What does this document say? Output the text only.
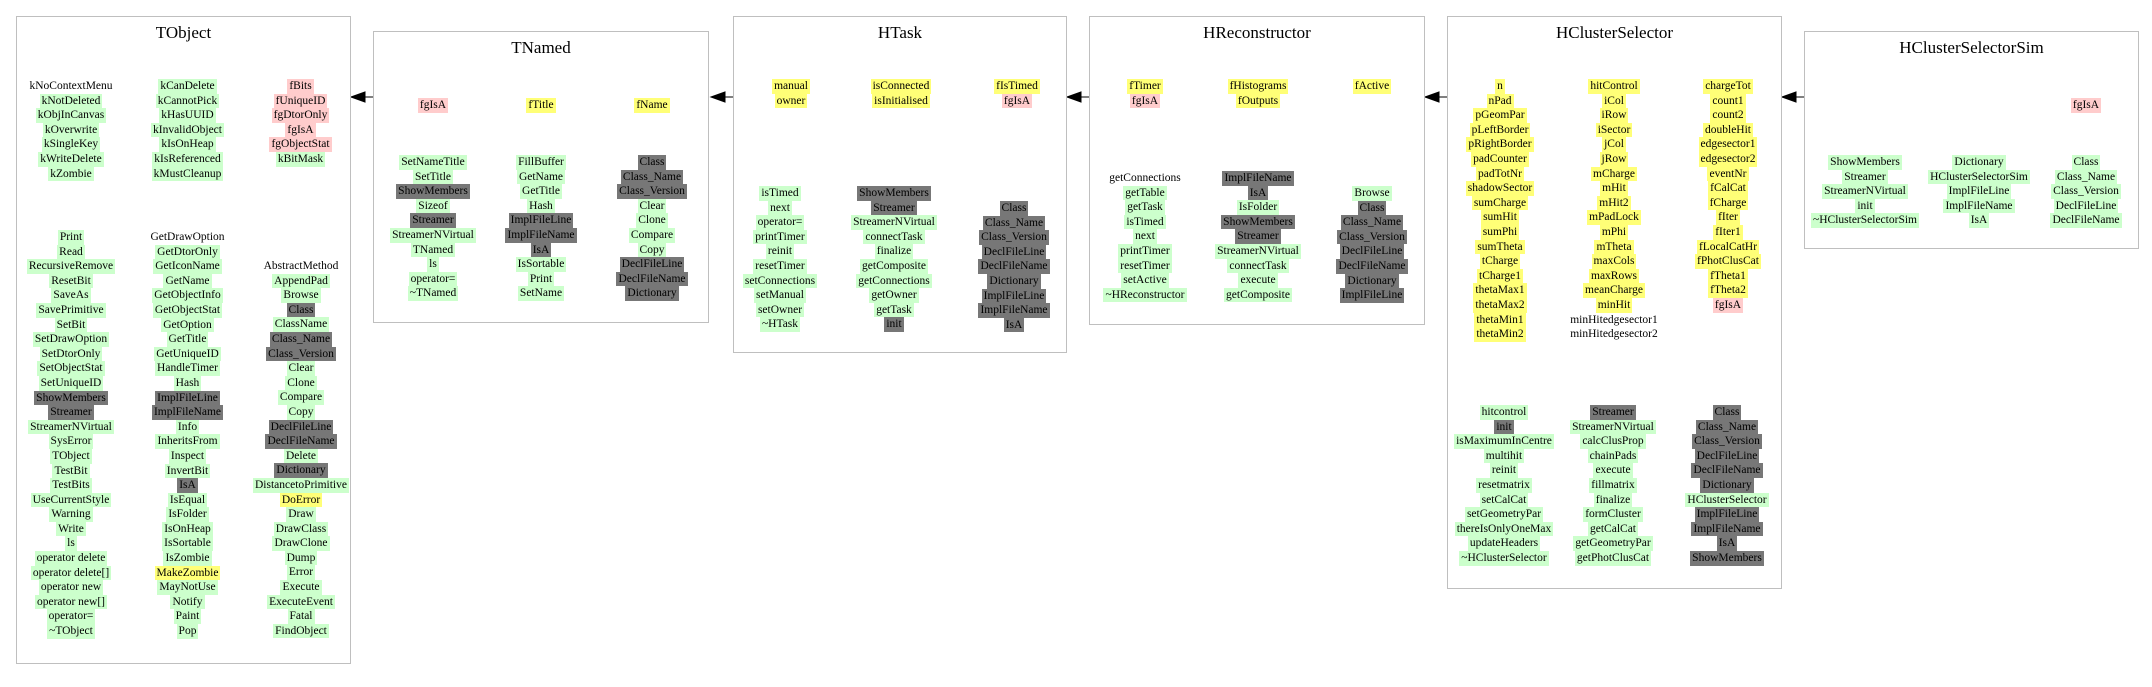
TObject
kNoContextMenu
kNotDeleted
kObjInCanvas
kOverwrite
kSingleKey
kWriteDelete
kZombie
kCanDelete
kCannotPick
kHasUUID
kInvalidObject
kIsOnHeap
kIsReferenced
kMustCleanup
fBits
fUniqueID
fgDtorOnly
fgIsA
fgObjectStat
kBitMask
Print
Read
RecursiveRemove
ResetBit
SaveAs
SavePrimitive
SetBit
SetDrawOption
SetDtorOnly
SetObjectStat
SetUniqueID
ShowMembers
Streamer
StreamerNVirtual
SysError
TObject
TestBit
TestBits
UseCurrentStyle
Warning
Write
ls
operator delete
operator delete[]
operator new
operator new[]
operator=
~TObject
GetDrawOption
GetDtorOnly
GetIconName
GetName
GetObjectInfo
GetObjectStat
GetOption
GetTitle
GetUniqueID
HandleTimer
Hash
ImplFileLine
ImplFileName
Info
InheritsFrom
Inspect
InvertBit
IsA
IsEqual
IsFolder
IsOnHeap
IsSortable
IsZombie
MakeZombie
MayNotUse
Notify
Paint
Pop
AbstractMethod
AppendPad
Browse
Class
ClassName
Class_Name
Class_Version
Clear
Clone
Compare
Copy
DeclFileLine
DeclFileName
Delete
Dictionary
DistancetoPrimitive
DoError
Draw
DrawClass
DrawClone
Dump
Error
Execute
ExecuteEvent
Fatal
FindObject
TNamed
fgIsA	fTitle	fName
SetNameTitle
SetTitle
ShowMembers
Sizeof
Streamer
StreamerNVirtual
TNamed
ls
operator=
~TNamed
FillBuffer
GetName
GetTitle
Hash
ImplFileLine
ImplFileName
IsA
IsSortable
Print
SetName
Class
Class_Name
Class_Version
Clear
Clone
Compare
Copy
DeclFileLine
DeclFileName
Dictionary
HTask
manual
owner
isConnected
isInitialised
fIsTimed
fgIsA
isTimed
next
operator=
printTimer
reinit
resetTimer
setConnections
setManual
setOwner
~HTask
ShowMembers
Streamer
StreamerNVirtual
connectTask
finalize
getComposite
getConnections
getOwner
getTask
init
Class
Class_Name
Class_Version
DeclFileLine
DeclFileName
Dictionary
ImplFileLine
ImplFileName
IsA
HReconstructor
fTimer
fgIsA
fHistograms
fOutputs
fActive
getConnections
getTable
getTask
isTimed
next
printTimer
resetTimer
setActive
~HReconstructor
ImplFileName
IsA
IsFolder
ShowMembers
Streamer
StreamerNVirtual
connectTask
execute
getComposite
Browse
Class
Class_Name
Class_Version
DeclFileLine
DeclFileName
Dictionary
ImplFileLine
HClusterSelector
n
nPad
pGeomPar
pLeftBorder
pRightBorder
padCounter
padTotNr
shadowSector
sumCharge
sumHit
sumPhi
sumTheta
tCharge
tCharge1
thetaMax1
thetaMax2
thetaMin1
thetaMin2
hitControl
iCol
iRow
iSector
jCol
jRow
mCharge
mHit
mHit2
mPadLock
mPhi
mTheta
maxCols
maxRows
meanCharge
minHit
minHitedgesector1
minHitedgesector2
chargeTot
count1
count2
doubleHit
edgesector1
edgesector2
eventNr
fCalCat
fCharge
fIter
fIter1
fLocalCatHr
fPhotClusCat
fTheta1
fTheta2
fgIsA
hitcontrol
init
isMaximumInCentre
multihit
reinit
resetmatrix
setCalCat
setGeometryPar
thereIsOnlyOneMax
updateHeaders
~HClusterSelector
Streamer
StreamerNVirtual
calcClusProp
chainPads
execute
fillmatrix
finalize
formCluster
getCalCat
getGeometryPar
getPhotClusCat
Class
Class_Name
Class_Version
DeclFileLine
DeclFileName
Dictionary
HClusterSelector
ImplFileLine
ImplFileName
IsA
ShowMembers
HClusterSelectorSim
fgIsA
ShowMembers
Streamer
StreamerNVirtual
init
~HClusterSelectorSim
Dictionary
HClusterSelectorSim
ImplFileLine
ImplFileName
IsA
Class
Class_Name
Class_Version
DeclFileLine
DeclFileName
